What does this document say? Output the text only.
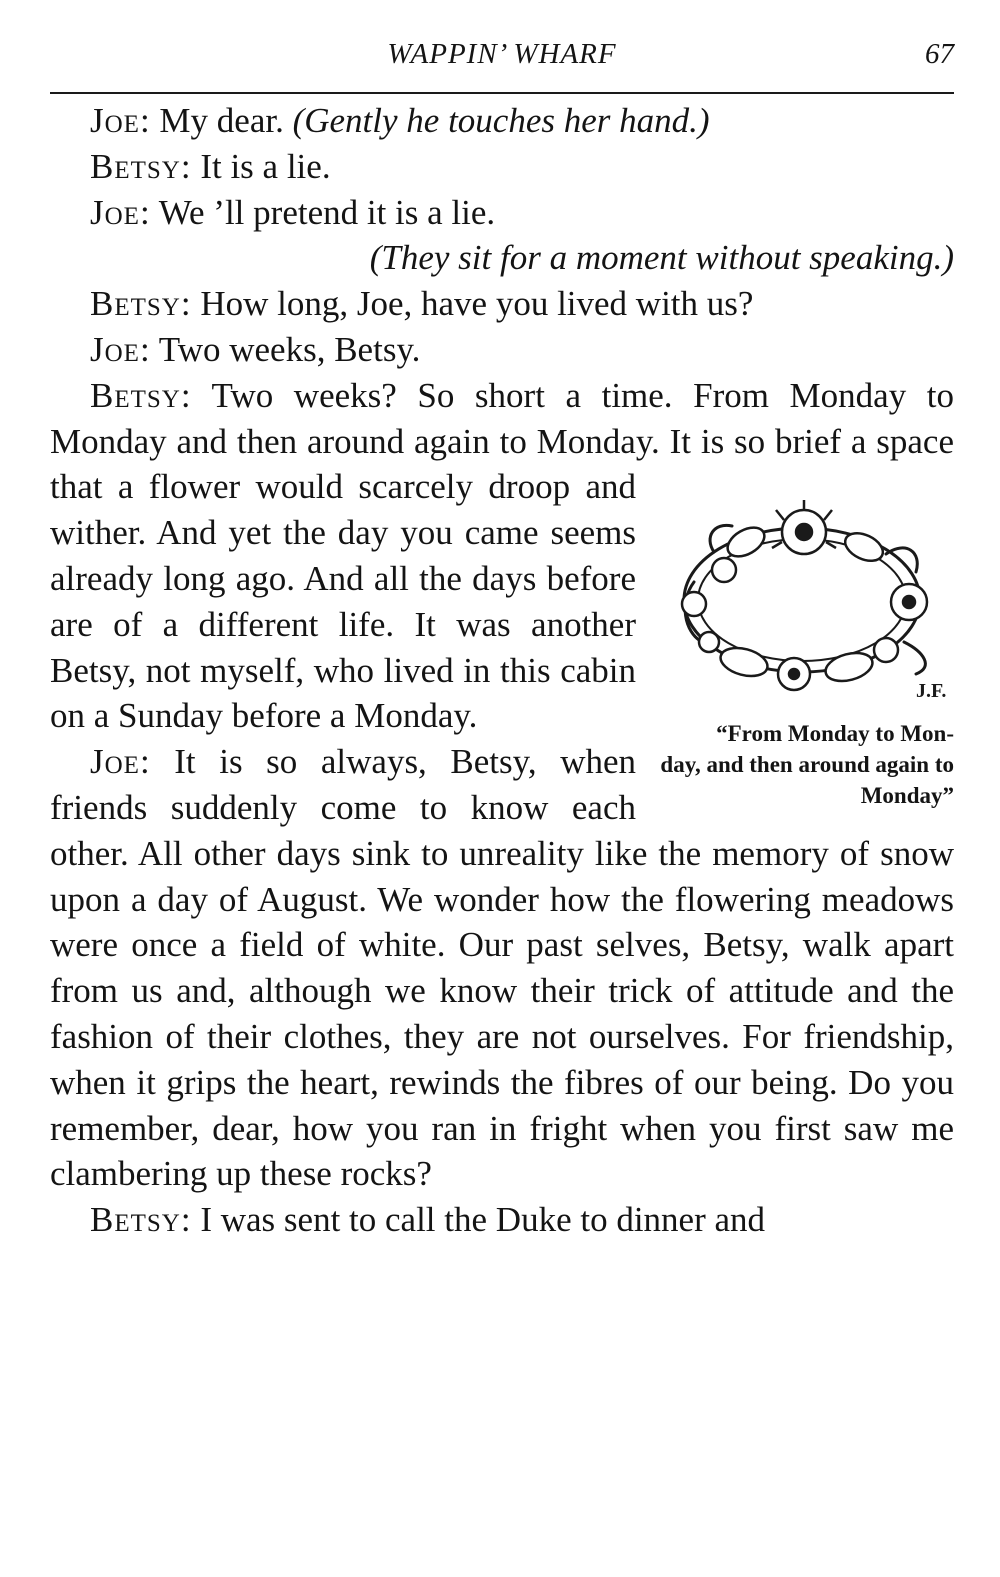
WAPPIN’ WHARF	67

Joe: My dear. (Gently he touches her hand.)

Betsy: It is a lie.

Joe: We ’ll pretend it is a lie.

(They sit for a moment without speaking.)

Betsy: How long, Joe, have you lived with us?

Joe: Two weeks, Betsy.

Betsy: Two weeks? So short a time. From Monday to Monday and then around again to Monday.
J.F.
“From Monday to Monday, and then around again to Monday”
It is so brief a space that a flower would scarcely droop and wither. And yet the day you came seems already long ago. And all the days before are of a different life. It was another Betsy, not myself, who lived in this cabin on a Sunday before a Monday.

Joe: It is so always, Betsy, when friends suddenly come to know each other. All other days sink to unreality like the memory of snow upon a day of August. We wonder how the flowering meadows were once a field of white. Our past selves, Betsy, walk apart from us and, although we know their trick of attitude and the fashion of their clothes, they are not ourselves. For friendship, when it grips the heart, rewinds the fibres of our being. Do you remember, dear, how you ran in fright when you first saw me clambering up these rocks?

Betsy: I was sent to call the Duke to dinner and
